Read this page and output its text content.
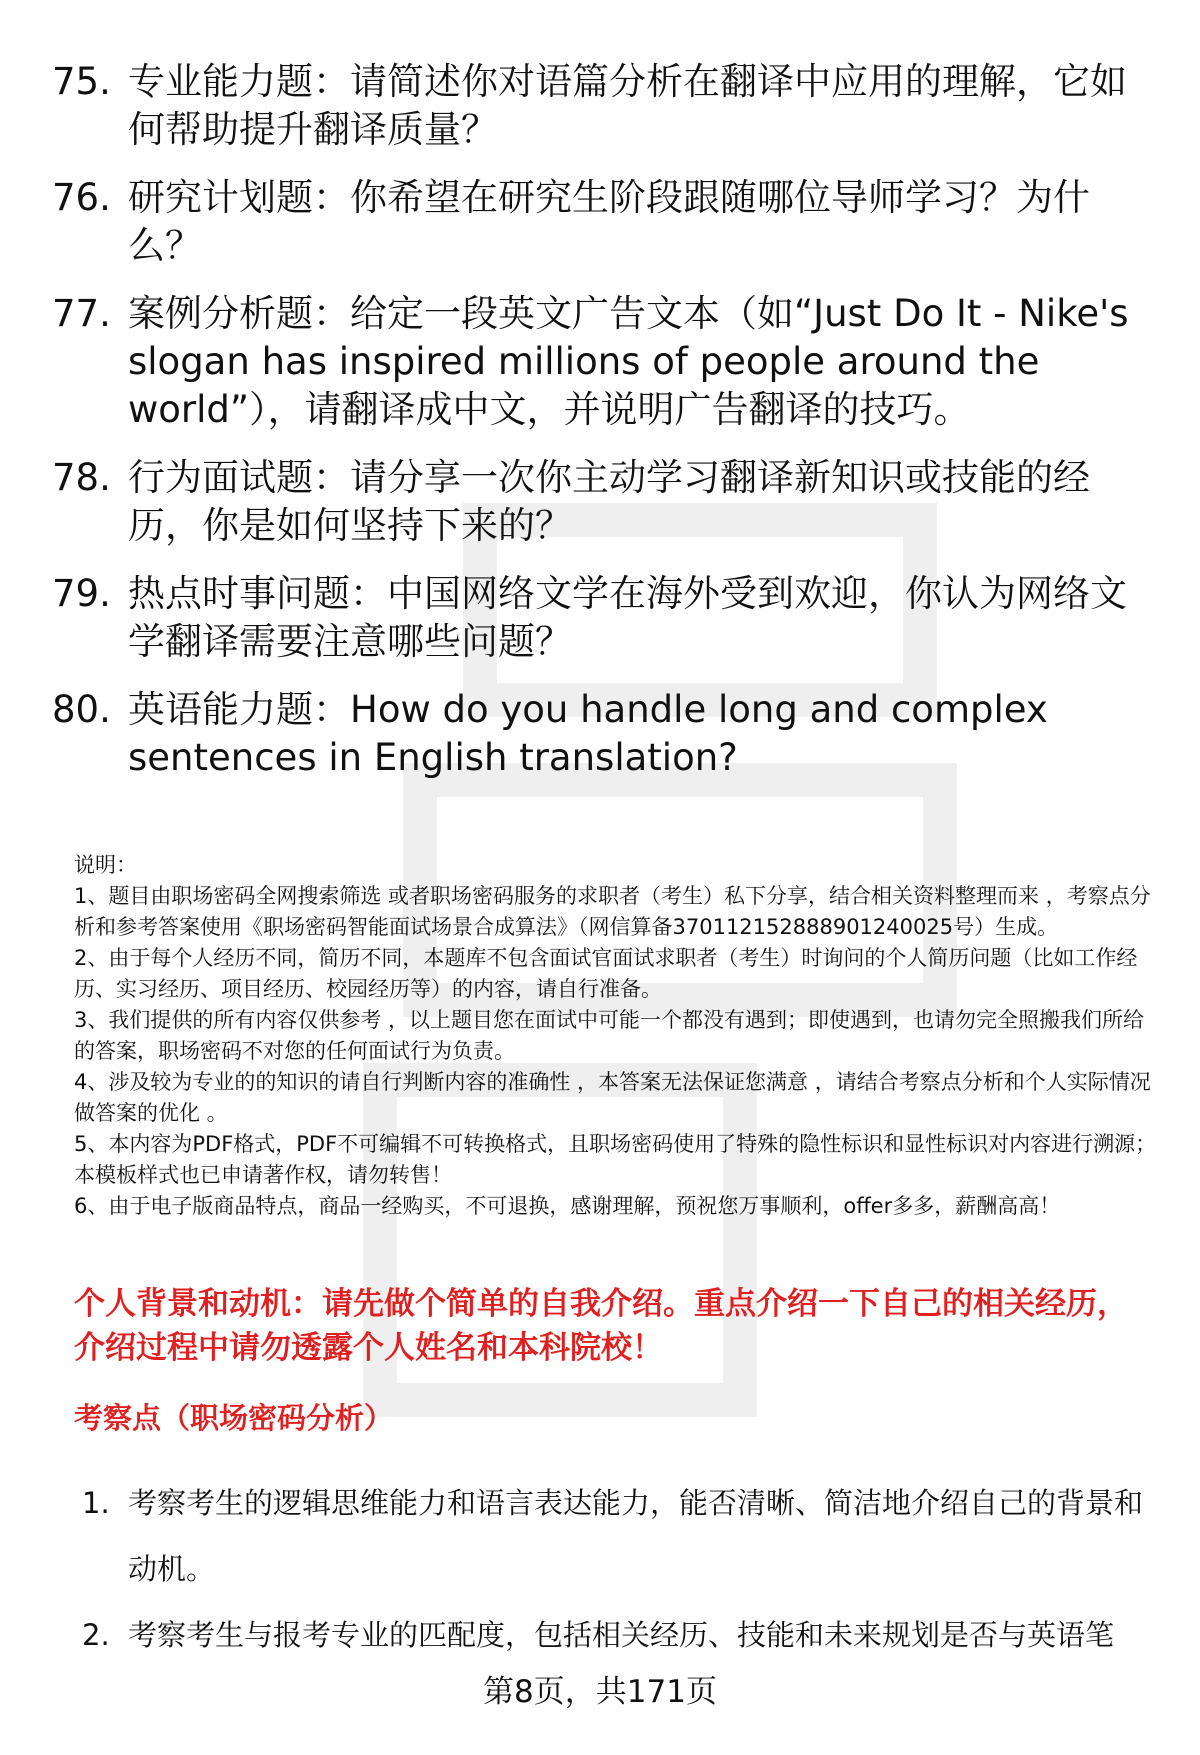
75. 专业能力题：请简述你对语篇分析在翻译中应用的理解，它如何帮助提升翻译质量？
76. 研究计划题：你希望在研究生阶段跟随哪位导师学习？为什么？
77. 案例分析题：给定一段英文广告文本（如“Just Do It - Nike's slogan has inspired millions of people around the world”），请翻译成中文，并说明广告翻译的技巧。
78. 行为面试题：请分享一次你主动学习翻译新知识或技能的经历，你是如何坚持下来的？
79. 热点时事问题：中国网络文学在海外受到欢迎，你认为网络文学翻译需要注意哪些问题？
80. 英语能力题：How do you handle long and complex sentences in English translation?

说明：

1、题目由职场密码全网搜索筛选 或者职场密码服务的求职者（考生）私下分享，结合相关资料整理而来 ，考察点分析和参考答案使用《职场密码智能面试场景合成算法》（网信算备370112152888901240025号）生成。

2、由于每个人经历不同，简历不同，本题库不包含面试官面试求职者（考生）时询问的个人简历问题（比如工作经历、实习经历、项目经历、校园经历等）的内容，请自行准备。

3、我们提供的所有内容仅供参考 ，以上题目您在面试中可能一个都没有遇到；即使遇到，也请勿完全照搬我们所给的答案，职场密码不对您的任何面试行为负责。

4、涉及较为专业的的知识的请自行判断内容的准确性 ，本答案无法保证您满意 ，请结合考察点分析和个人实际情况做答案的优化 。

5、本内容为PDF格式，PDF不可编辑不可转换格式，且职场密码使用了特殊的隐性标识和显性标识对内容进行溯源；本模板样式也已申请著作权，请勿转售！

6、由于电子版商品特点，商品一经购买，不可退换，感谢理解，预祝您万事顺利，offer多多，薪酬高高！

个人背景和动机：请先做个简单的自我介绍。重点介绍一下自己的相关经历，介绍过程中请勿透露个人姓名和本科院校！
考察点（职场密码分析）
1. 考察考生的逻辑思维能力和语言表达能力，能否清晰、简洁地介绍自己的背景和动机。
2. 考察考生与报考专业的匹配度，包括相关经历、技能和未来规划是否与英语笔
第8页，共171页
